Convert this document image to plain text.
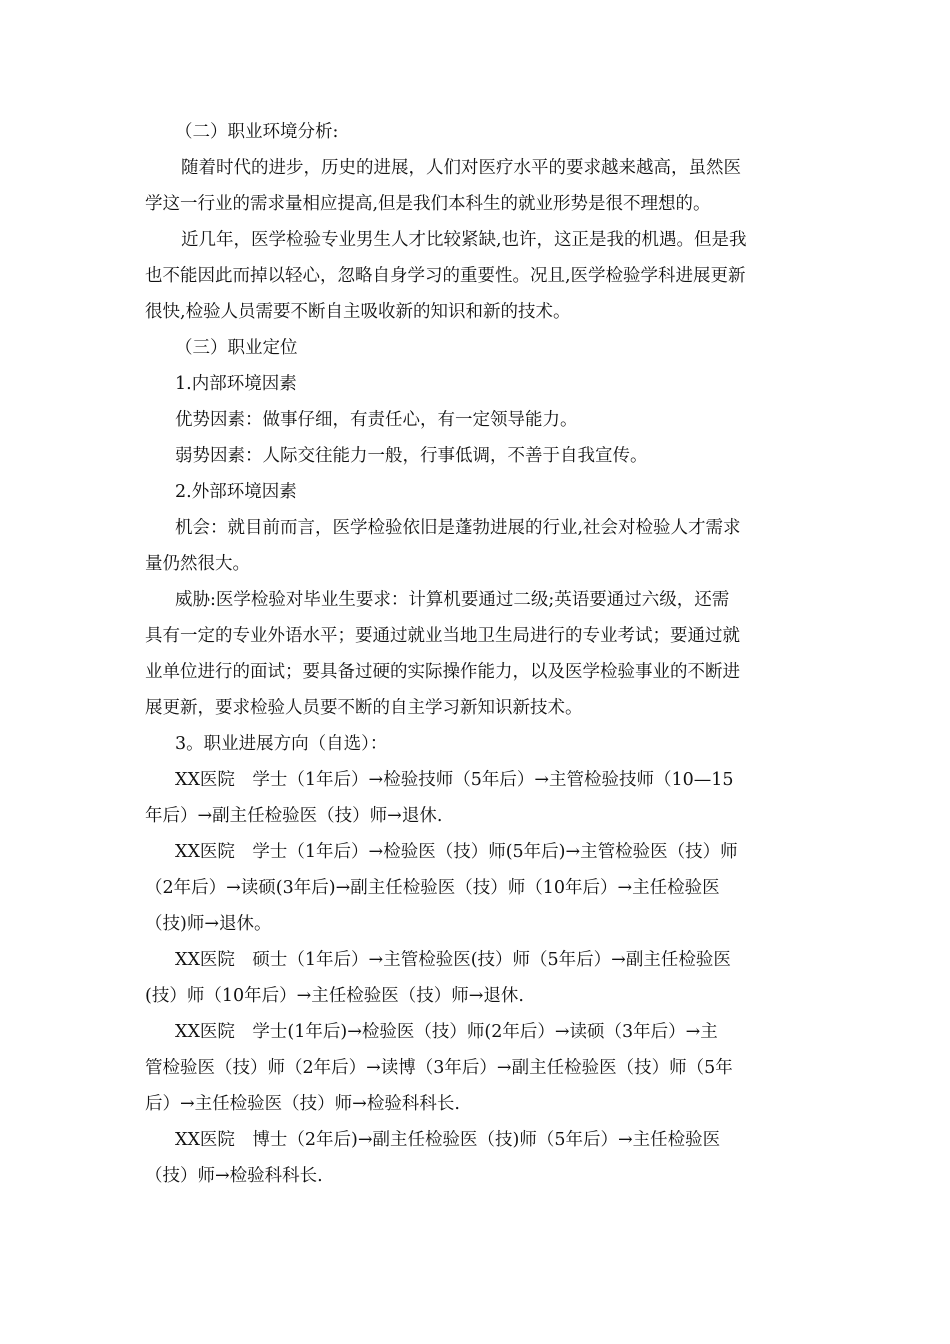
（二）职业环境分析:
随着时代的进步，历史的进展，人们对医疗水平的要求越来越高，虽然医
学这一行业的需求量相应提高,但是我们本科生的就业形势是很不理想的。
近几年，医学检验专业男生人才比较紧缺,也许，这正是我的机遇。但是我
也不能因此而掉以轻心，忽略自身学习的重要性。况且,医学检验学科进展更新
很快,检验人员需要不断自主吸收新的知识和新的技术。
（三）职业定位
1.内部环境因素
优势因素：做事仔细，有责任心，有一定领导能力。
弱势因素：人际交往能力一般，行事低调，不善于自我宣传。
2.外部环境因素
机会：就目前而言，医学检验依旧是蓬勃进展的行业,社会对检验人才需求
量仍然很大。
威胁:医学检验对毕业生要求：计算机要通过二级;英语要通过六级，还需
具有一定的专业外语水平；要通过就业当地卫生局进行的专业考试；要通过就
业单位进行的面试；要具备过硬的实际操作能力，以及医学检验事业的不断进
展更新，要求检验人员要不断的自主学习新知识新技术。
3。职业进展方向（自选）：
XX医院　学士（1年后）→检验技师（5年后）→主管检验技师（10—15
年后）→副主任检验医（技）师→退休.
XX医院　学士（1年后）→检验医（技）师(5年后)→主管检验医（技）师
（2年后）→读硕(3年后)→副主任检验医（技）师（10年后）→主任检验医
（技)师→退休。
XX医院　硕士（1年后）→主管检验医(技）师（5年后）→副主任检验医
(技）师（10年后）→主任检验医（技）师→退休.
XX医院　学士(1年后)→检验医（技）师(2年后）→读硕（3年后）→主
管检验医（技）师（2年后）→读博（3年后）→副主任检验医（技）师（5年
后）→主任检验医（技）师→检验科科长.
XX医院　博士（2年后)→副主任检验医（技)师（5年后）→主任检验医
（技）师→检验科科长.
